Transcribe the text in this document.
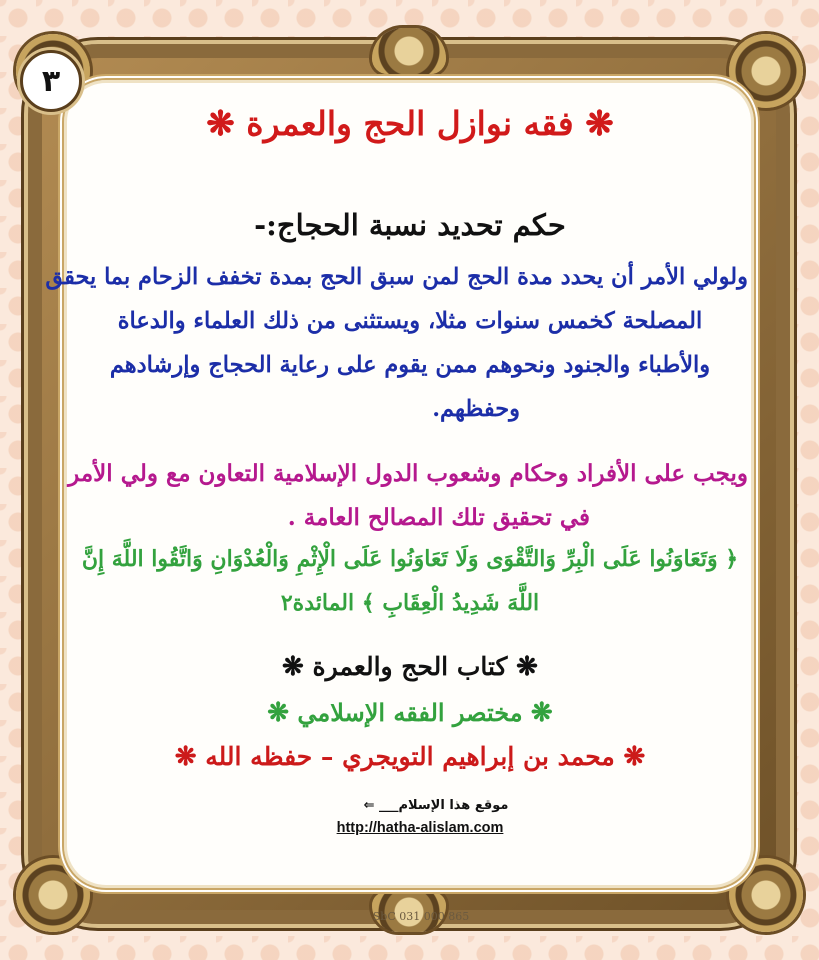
٣

❋ فقه نوازل الحج والعمرة ❋

حكم تحديد نسبة الحجاج:-

ولولي الأمر أن يحدد مدة الحج لمن سبق الحج بمدة تخفف الزحام بما يحقق

المصلحة كخمس سنوات مثلا، ويستثنى من ذلك العلماء والدعاة

والأطباء والجنود ونحوهم ممن يقوم على رعاية الحجاج وإرشادهم

وحفظهم.

ويجب على الأفراد وحكام وشعوب الدول الإسلامية التعاون مع ولي الأمر

في تحقيق تلك المصالح العامة .

﴿ وَتَعَاوَنُوا عَلَى الْبِرِّ وَالتَّقْوَى وَلَا تَعَاوَنُوا عَلَى الْإِثْمِ وَالْعُدْوَانِ وَاتَّقُوا اللَّهَ إِنَّ

اللَّهَ شَدِيدُ الْعِقَابِ ﴾ المائدة٢

❋ كتاب الحج والعمرة ❋

❋ مختصر الفقه الإسلامي ❋

❋ محمد بن إبراهيم التويجري – حفظه الله ❋

موقع هذا الإسلام___ ⇐
http://hatha-alislam.com
SbC 031 000 865
